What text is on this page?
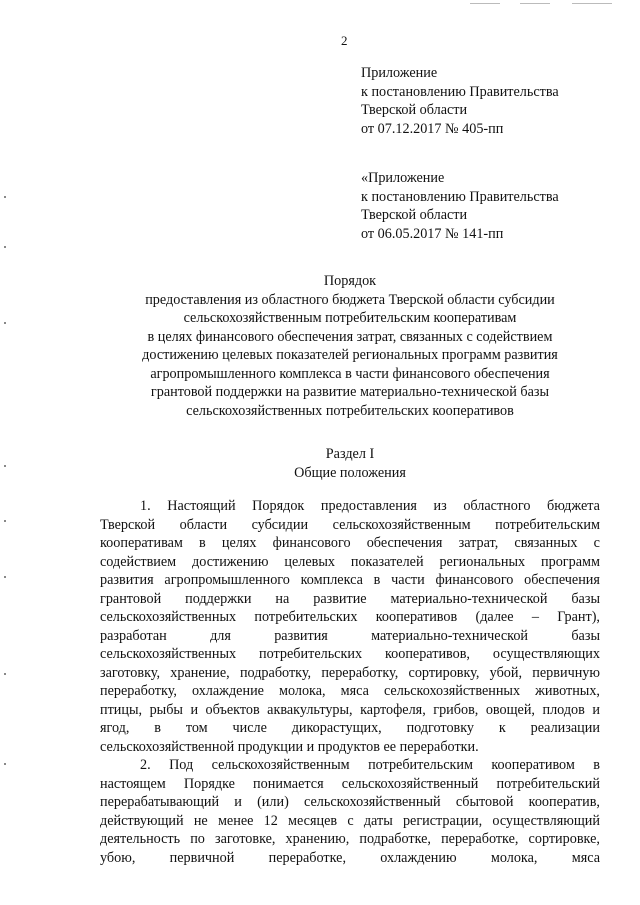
2
Приложение
к постановлению Правительства
Тверской области
от 07.12.2017 № 405-пп
«Приложение
к постановлению Правительства
Тверской области
от 06.05.2017 № 141-пп
Порядок
предоставления из областного бюджета Тверской области субсидии
сельскохозяйственным потребительским кооперативам
в целях финансового обеспечения затрат, связанных с содействием
достижению целевых показателей региональных программ развития
агропромышленного комплекса в части финансового обеспечения
грантовой поддержки на развитие материально-технической базы
сельскохозяйственных потребительских кооперативов
Раздел I
Общие положения
1. Настоящий Порядок предоставления из областного бюджета
Тверской области субсидии сельскохозяйственным потребительским
кооперативам в целях финансового обеспечения затрат, связанных с
содействием достижению целевых показателей региональных программ
развития агропромышленного комплекса в части финансового обеспечения
грантовой поддержки на развитие материально-технической базы
сельскохозяйственных потребительских кооперативов (далее – Грант),
разработан	для	развития	материально-технической	базы
сельскохозяйственных потребительских кооперативов, осуществляющих
заготовку, хранение, подработку, переработку, сортировку, убой, первичную
переработку, охлаждение молока, мяса сельскохозяйственных животных,
птицы, рыбы и объектов аквакультуры, картофеля, грибов, овощей, плодов и
ягод, в том числе дикорастущих, подготовку к реализации
сельскохозяйственной продукции и продуктов ее переработки.
2. Под сельскохозяйственным потребительским кооперативом в
настоящем Порядке понимается сельскохозяйственный потребительский
перерабатывающий и (или) сельскохозяйственный сбытовой кооператив,
действующий не менее 12 месяцев с даты регистрации, осуществляющий
деятельность по заготовке, хранению, подработке, переработке, сортировке,
убою, первичной переработке, охлаждению молока, мяса
